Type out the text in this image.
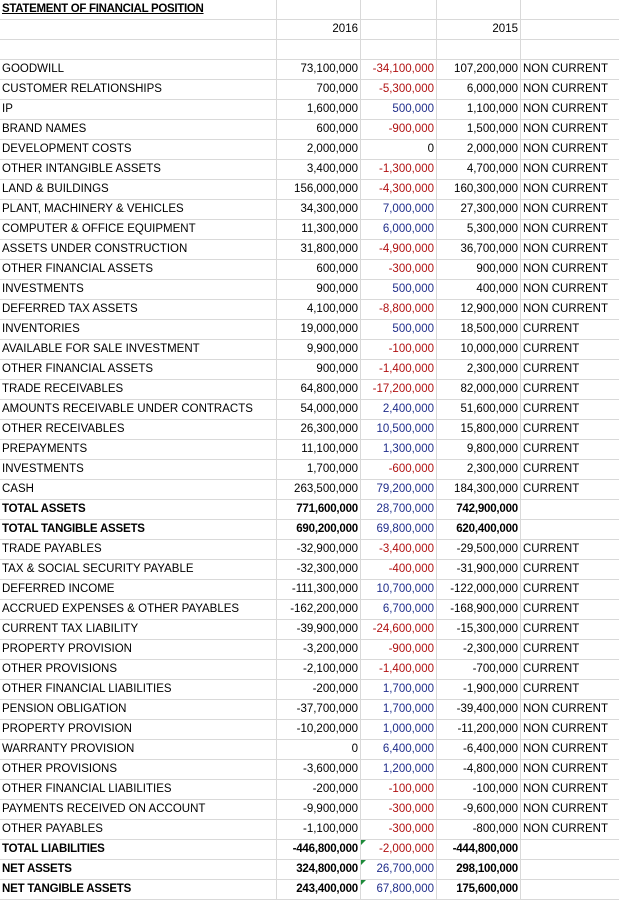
STATEMENT OF FINANCIAL POSITION				
	2016		2015	

GOODWILL	73,100,000	-34,100,000	107,200,000	NON CURRENT
CUSTOMER RELATIONSHIPS	700,000	-5,300,000	6,000,000	NON CURRENT
IP	1,600,000	500,000	1,100,000	NON CURRENT
BRAND NAMES	600,000	-900,000	1,500,000	NON CURRENT
DEVELOPMENT COSTS	2,000,000	0	2,000,000	NON CURRENT
OTHER INTANGIBLE ASSETS	3,400,000	-1,300,000	4,700,000	NON CURRENT
LAND & BUILDINGS	156,000,000	-4,300,000	160,300,000	NON CURRENT
PLANT, MACHINERY & VEHICLES	34,300,000	7,000,000	27,300,000	NON CURRENT
COMPUTER & OFFICE EQUIPMENT	11,300,000	6,000,000	5,300,000	NON CURRENT
ASSETS UNDER CONSTRUCTION	31,800,000	-4,900,000	36,700,000	NON CURRENT
OTHER FINANCIAL ASSETS	600,000	-300,000	900,000	NON CURRENT
INVESTMENTS	900,000	500,000	400,000	NON CURRENT
DEFERRED TAX ASSETS	4,100,000	-8,800,000	12,900,000	NON CURRENT
INVENTORIES	19,000,000	500,000	18,500,000	CURRENT
AVAILABLE FOR SALE INVESTMENT	9,900,000	-100,000	10,000,000	CURRENT
OTHER FINANCIAL ASSETS	900,000	-1,400,000	2,300,000	CURRENT
TRADE RECEIVABLES	64,800,000	-17,200,000	82,000,000	CURRENT
AMOUNTS RECEIVABLE UNDER CONTRACTS	54,000,000	2,400,000	51,600,000	CURRENT
OTHER RECEIVABLES	26,300,000	10,500,000	15,800,000	CURRENT
PREPAYMENTS	11,100,000	1,300,000	9,800,000	CURRENT
INVESTMENTS	1,700,000	-600,000	2,300,000	CURRENT
CASH	263,500,000	79,200,000	184,300,000	CURRENT
TOTAL ASSETS	771,600,000	28,700,000	742,900,000	
TOTAL TANGIBLE ASSETS	690,200,000	69,800,000	620,400,000	
TRADE PAYABLES	-32,900,000	-3,400,000	-29,500,000	CURRENT
TAX & SOCIAL SECURITY PAYABLE	-32,300,000	-400,000	-31,900,000	CURRENT
DEFERRED INCOME	-111,300,000	10,700,000	-122,000,000	CURRENT
ACCRUED EXPENSES & OTHER PAYABLES	-162,200,000	6,700,000	-168,900,000	CURRENT
CURRENT TAX LIABILITY	-39,900,000	-24,600,000	-15,300,000	CURRENT
PROPERTY PROVISION	-3,200,000	-900,000	-2,300,000	CURRENT
OTHER PROVISIONS	-2,100,000	-1,400,000	-700,000	CURRENT
OTHER FINANCIAL LIABILITIES	-200,000	1,700,000	-1,900,000	CURRENT
PENSION OBLIGATION	-37,700,000	1,700,000	-39,400,000	NON CURRENT
PROPERTY PROVISION	-10,200,000	1,000,000	-11,200,000	NON CURRENT
WARRANTY PROVISION	0	6,400,000	-6,400,000	NON CURRENT
OTHER PROVISIONS	-3,600,000	1,200,000	-4,800,000	NON CURRENT
OTHER FINANCIAL LIABILITIES	-200,000	-100,000	-100,000	NON CURRENT
PAYMENTS RECEIVED ON ACCOUNT	-9,900,000	-300,000	-9,600,000	NON CURRENT
OTHER PAYABLES	-1,100,000	-300,000	-800,000	NON CURRENT
TOTAL LIABILITIES	-446,800,000	-2,000,000	-444,800,000	
NET ASSETS	324,800,000	26,700,000	298,100,000	
NET TANGIBLE ASSETS	243,400,000	67,800,000	175,600,000	
